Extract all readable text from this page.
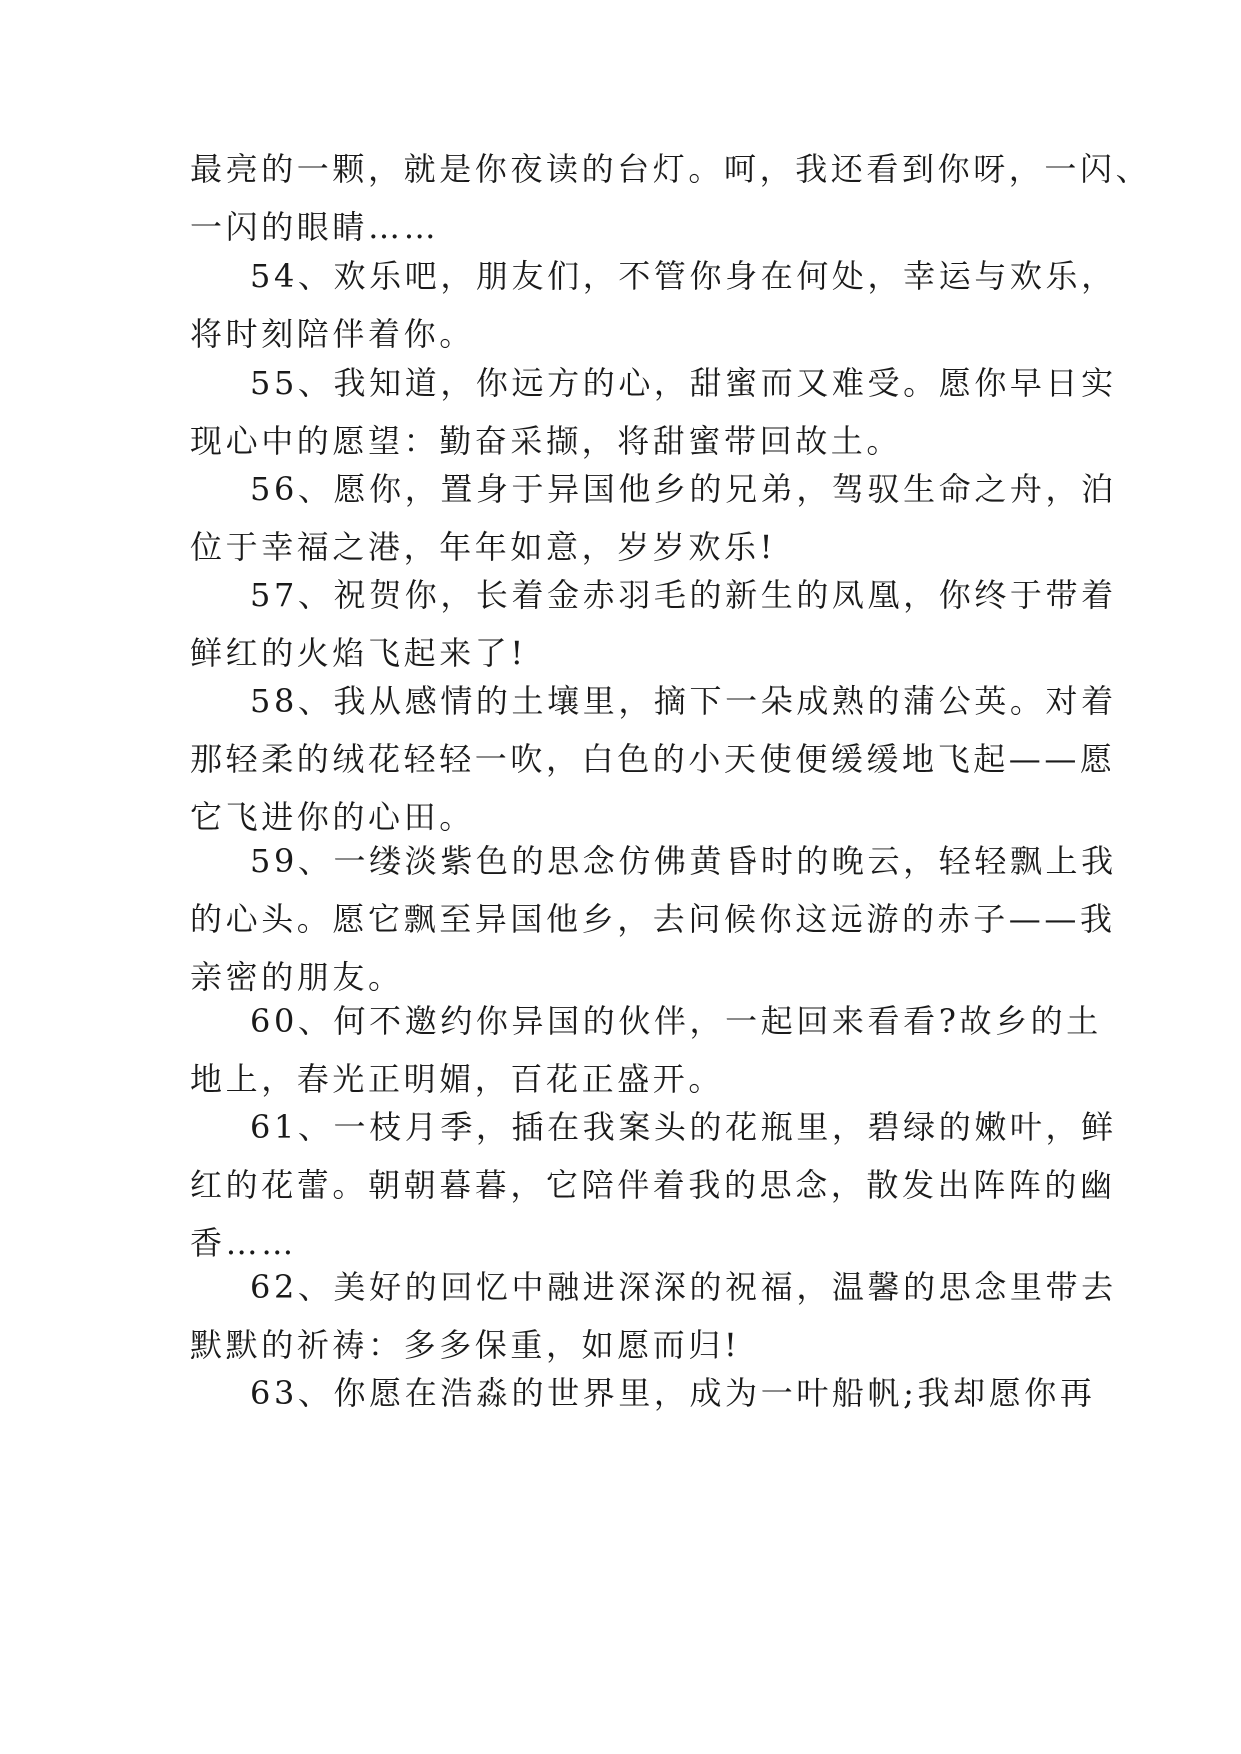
最亮的一颗，就是你夜读的台灯。呵，我还看到你呀，一闪、
一闪的眼睛……
54、欢乐吧，朋友们，不管你身在何处，幸运与欢乐，
将时刻陪伴着你。
55、我知道，你远方的心，甜蜜而又难受。愿你早日实
现心中的愿望：勤奋采撷，将甜蜜带回故土。
56、愿你，置身于异国他乡的兄弟，驾驭生命之舟，泊
位于幸福之港，年年如意，岁岁欢乐!
57、祝贺你，长着金赤羽毛的新生的凤凰，你终于带着
鲜红的火焰飞起来了!
58、我从感情的土壤里，摘下一朵成熟的蒲公英。对着
那轻柔的绒花轻轻一吹，白色的小天使便缓缓地飞起——愿
它飞进你的心田。
59、一缕淡紫色的思念仿佛黄昏时的晚云，轻轻飘上我
的心头。愿它飘至异国他乡，去问候你这远游的赤子——我
亲密的朋友。
60、何不邀约你异国的伙伴，一起回来看看?故乡的土
地上，春光正明媚，百花正盛开。
61、一枝月季，插在我案头的花瓶里，碧绿的嫩叶，鲜
红的花蕾。朝朝暮暮，它陪伴着我的思念，散发出阵阵的幽
香……
62、美好的回忆中融进深深的祝福，温馨的思念里带去
默默的祈祷：多多保重，如愿而归!
63、你愿在浩淼的世界里，成为一叶船帆;我却愿你再
